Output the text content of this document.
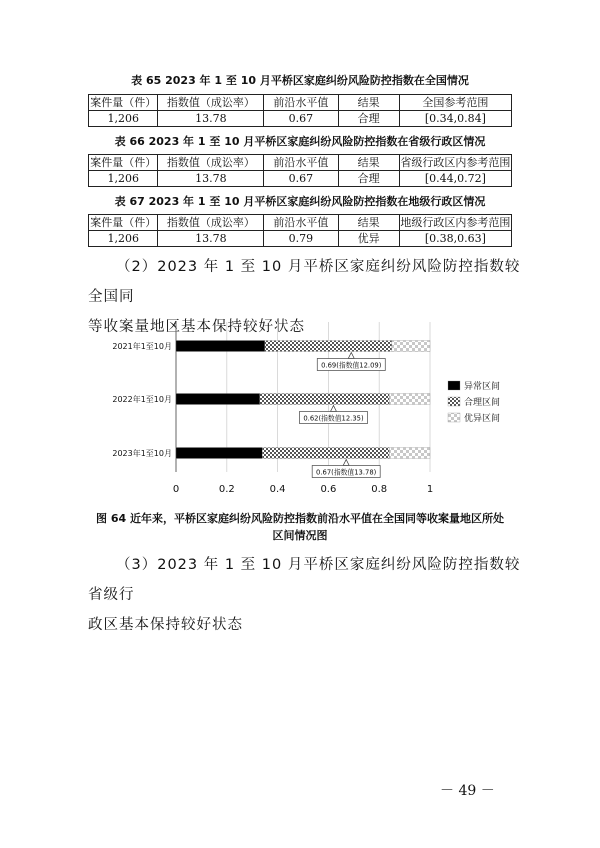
表 65 2023 年 1 至 10 月平桥区家庭纠纷风险防控指数在全国情况
案件量（件）	指数值（成讼率）	前沿水平值	结果	全国参考范围
1,206	13.78	0.67	合理	[0.34,0.84]
表 66 2023 年 1 至 10 月平桥区家庭纠纷风险防控指数在省级行政区情况
案件量（件）	指数值（成讼率）	前沿水平值	结果	省级行政区内参考范围
1,206	13.78	0.67	合理	[0.44,0.72]
表 67 2023 年 1 至 10 月平桥区家庭纠纷风险防控指数在地级行政区情况
案件量（件）	指数值（成讼率）	前沿水平值	结果	地级行政区内参考范围
1,206	13.78	0.79	优异	[0.38,0.63]
（2）2023 年 1 至 10 月平桥区家庭纠纷风险防控指数较全国同
等收案量地区基本保持较好状态
0.69(指数值12.09)
0.62(指数值12.35)
0.67(指数值13.78)
2021年1至10月
2022年1至10月
2023年1至10月
0	0.2	0.4	0.6	0.8	1
异常区间
合理区间
优异区间
图 64 近年来，平桥区家庭纠纷风险防控指数前沿水平值在全国同等收案量地区所处
区间情况图
（3）2023 年 1 至 10 月平桥区家庭纠纷风险防控指数较省级行
政区基本保持较好状态
－ 49 －
